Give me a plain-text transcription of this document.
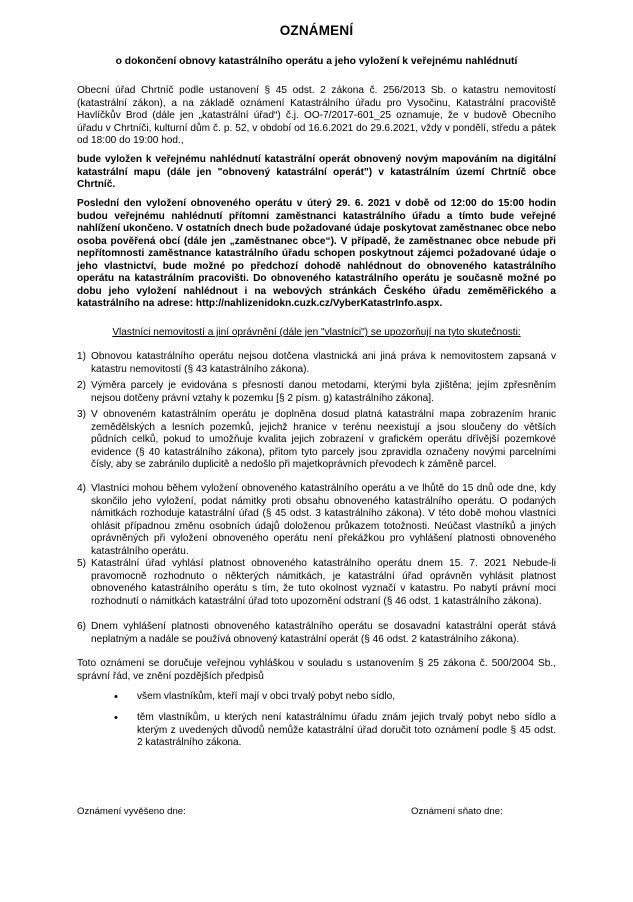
OZNÁMENÍ
o dokončení obnovy katastrálního operátu a jeho vyložení k veřejnému nahlédnutí
Obecní úřad Chrtníč podle ustanovení § 45 odst. 2 zákona č. 256/2013 Sb. o katastru nemovitostí (katastrální zákon), a na základě oznámení Katastrálního úřadu pro Vysočinu, Katastrální pracoviště Havlíčkův Brod (dále jen „katastrální úřad“) č.j. OO-7/2017-601_25 oznamuje, že v budově Obecního úřadu v Chrtníči, kulturní dům č. p. 52, v období od 16.6.2021 do 29.6.2021, vždy v pondělí, středu a pátek od 18:00 do 19:00 hod.,
bude vyložen k veřejnému nahlédnutí katastrální operát obnovený novým mapováním na digitální katastrální mapu (dále jen "obnovený katastrální operát") v katastrálním území Chrtníč obce Chrtníč.
Poslední den vyložení obnoveného operátu v úterý 29. 6. 2021 v době od 12:00 do 15:00 hodin budou veřejnému nahlédnutí přítomni zaměstnanci katastrálního úřadu a tímto bude veřejné nahlížení ukončeno. V ostatních dnech bude požadované údaje poskytovat zaměstnanec obce nebo osoba pověřená obcí (dále jen „zaměstnanec obce“). V případě, že zaměstnanec obce nebude při nepřítomnosti zaměstnance katastrálního úřadu schopen poskytnout zájemci požadované údaje o jeho vlastnictví, bude možné po předchozí dohodě nahlédnout do obnoveného katastrálního operátu na katastrálním pracovišti. Do obnoveného katastrálního operátu je současně možné po dobu jeho vyložení nahlédnout i na webových stránkách Českého úřadu zeměměřického a katastrálního na adrese: http://nahlizenidokn.cuzk.cz/VyberKatastrInfo.aspx.
Vlastníci nemovitostí a jiní oprávnění (dále jen "vlastníci") se upozorňují na tyto skutečnosti:
1) Obnovou katastrálního operátu nejsou dotčena vlastnická ani jiná práva k nemovitostem zapsaná v katastru nemovitostí (§ 43 katastrálního zákona).
2) Výměra parcely je evidována s přesností danou metodami, kterými byla zjištěna; jejím zpřesněním nejsou dotčeny právní vztahy k pozemku [§ 2 písm. g) katastrálního zákona].
3) V obnoveném katastrálním operátu je doplněna dosud platná katastrální mapa zobrazením hranic zemědělských a lesních pozemků, jejichž hranice v terénu neexistují a jsou sloučeny do větších půdních celků, pokud to umožňuje kvalita jejich zobrazení v grafickém operátu dřívější pozemkové evidence (§ 40 katastrálního zákona), přitom tyto parcely jsou zpravidla označeny novými parcelními čísly, aby se zabránilo duplicitě a nedošlo při majetkoprávních převodech k záměně parcel.
4) Vlastníci mohou během vyložení obnoveného katastrálního operátu a ve lhůtě do 15 dnů ode dne, kdy skončilo jeho vyložení, podat námitky proti obsahu obnoveného katastrálního operátu. O podaných námitkách rozhoduje katastrální úřad (§ 45 odst. 3 katastrálního zákona). V této době mohou vlastníci ohlásit případnou změnu osobních údajů doloženou průkazem totožnosti. Neúčast vlastníků a jiných oprávněných při vyložení obnoveného operátu není překážkou pro vyhlášení platnosti obnoveného katastrálního operátu.
5) Katastrální úřad vyhlásí platnost obnoveného katastrálního operátu dnem 15. 7. 2021 Nebude-li pravomocně rozhodnuto o některých námitkách, je katastrální úřad oprávněn vyhlásit platnost obnoveného katastrálního operátu s tím, že tuto okolnost vyznačí v katastru. Po nabytí právní moci rozhodnutí o námitkách katastrální úřad toto upozornění odstraní (§ 46 odst. 1 katastrálního zákona).
6) Dnem vyhlášení platnosti obnoveného katastrálního operátu se dosavadní katastrální operát stává neplatným a nadále se používá obnovený katastrální operát (§ 46 odst. 2 katastrálního zákona).
Toto oznámení se doručuje veřejnou vyhláškou v souladu s ustanovením § 25 zákona č. 500/2004 Sb., správní řád, ve znění pozdějších předpisů
• všem vlastníkům, kteří mají v obci trvalý pobyt nebo sídlo,
• těm vlastníkům, u kterých není katastrálnímu úřadu znám jejich trvalý pobyt nebo sídlo a kterým z uvedených důvodů nemůže katastrální úřad doručit toto oznámení podle § 45 odst. 2 katastrálního zákona.
Oznámení vyvěšeno dne:	Oznámení sňato dne:
